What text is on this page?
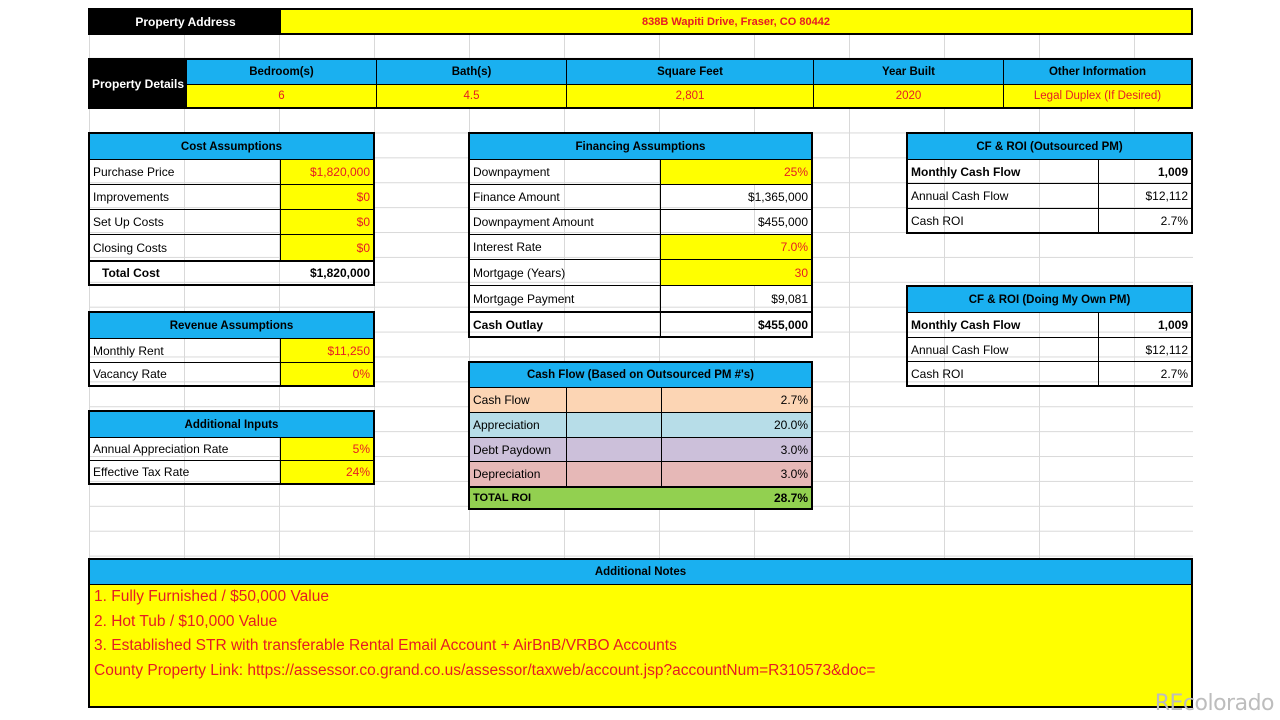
Property Address	838B Wapiti Drive, Fraser, CO 80442
Property Details
Bedroom(s)	Bath(s)	Square Feet	Year Built	Other Information
6	4.5	2,801	2020	Legal Duplex (If Desired)
Cost Assumptions
Purchase Price	$1,820,000
Improvements	$0
Set Up Costs	$0
Closing Costs	$0
Total Cost	$1,820,000
Revenue Assumptions
Monthly Rent	$11,250
Vacancy Rate	0%
Additional Inputs
Annual Appreciation Rate	5%
Effective Tax Rate	24%
Financing Assumptions
Downpayment	25%
Finance Amount	$1,365,000
Downpayment Amount	$455,000
Interest Rate	7.0%
Mortgage (Years)	30
Mortgage Payment	$9,081
Cash Outlay	$455,000
Cash Flow (Based on Outsourced PM #'s)
Cash Flow	2.7%
Appreciation	20.0%
Debt Paydown	3.0%
Depreciation	3.0%
TOTAL ROI	28.7%
CF & ROI (Outsourced PM)
Monthly Cash Flow	1,009
Annual Cash Flow	$12,112
Cash ROI	2.7%
CF & ROI (Doing My Own PM)
Monthly Cash Flow	1,009
Annual Cash Flow	$12,112
Cash ROI	2.7%
Additional Notes
1. Fully Furnished / $50,000 Value
2. Hot Tub / $10,000 Value
3. Established STR with transferable Rental Email Account + AirBnB/VRBO Accounts
County Property Link: https://assessor.co.grand.co.us/assessor/taxweb/account.jsp?accountNum=R310573&doc=
REcolorado
